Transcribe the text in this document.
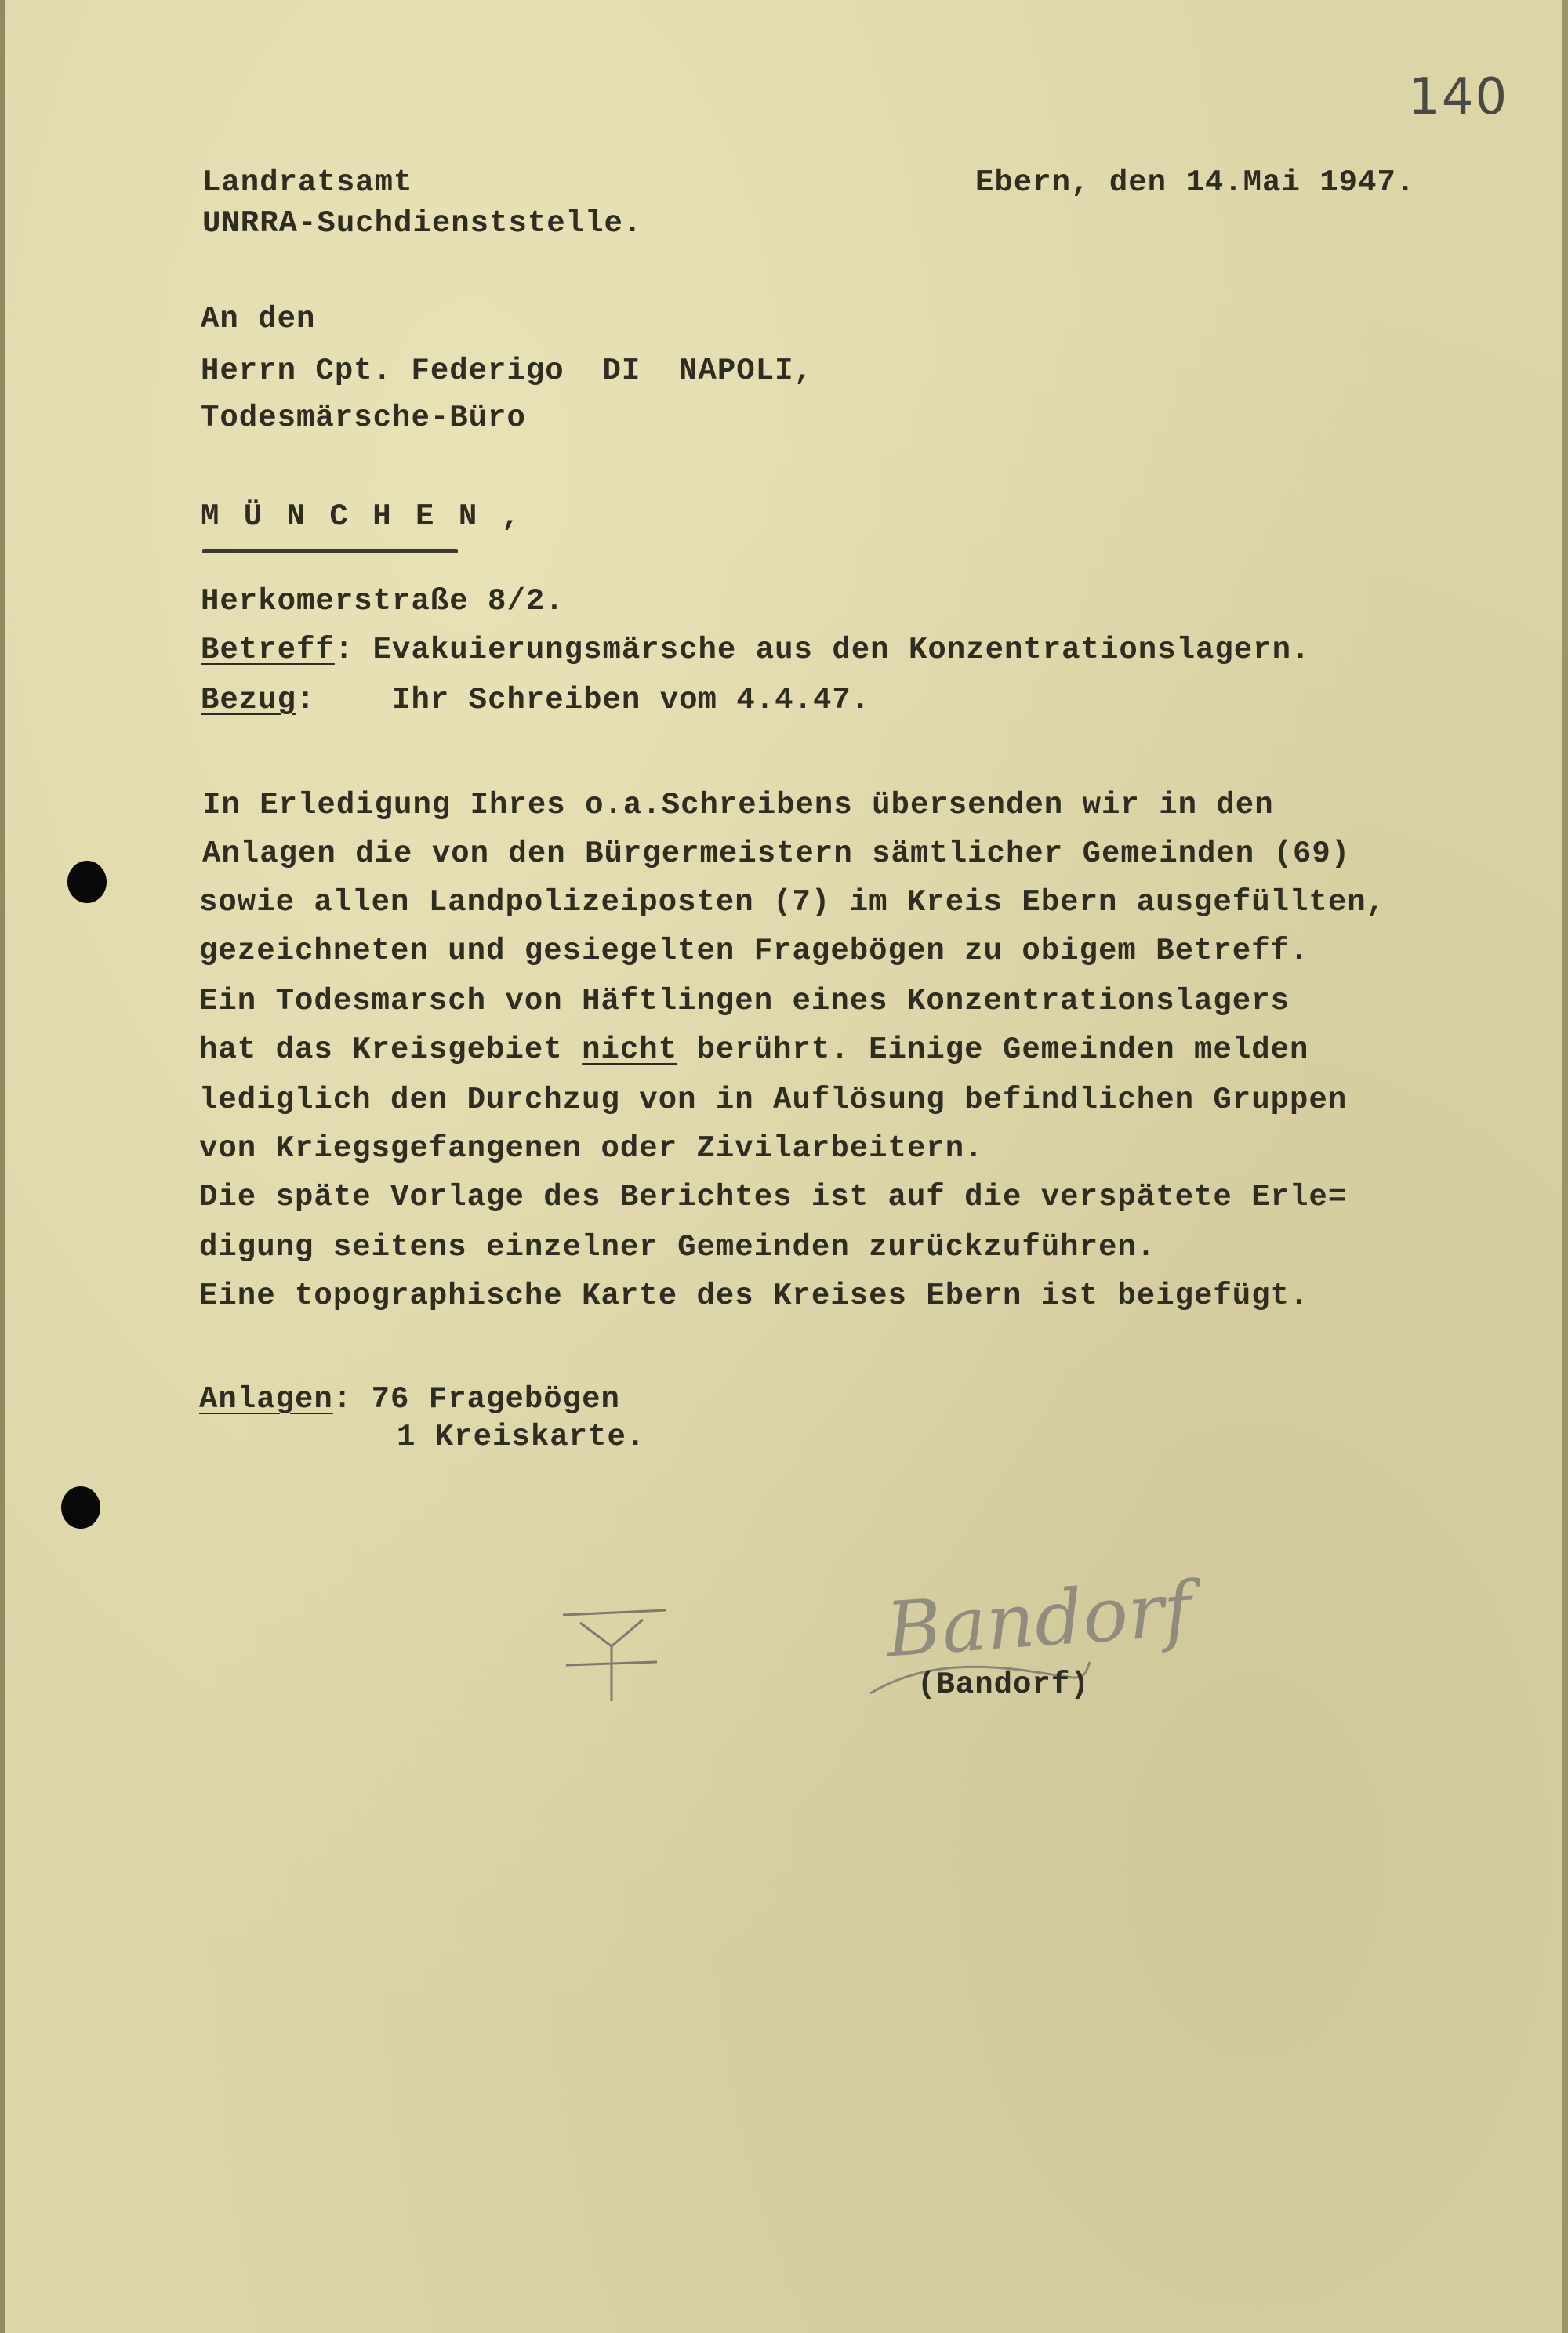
140
Landratsamt
UNRRA-Suchdienststelle.
Ebern, den 14.Mai 1947.
An den
Herrn Cpt. Federigo  DI  NAPOLI,
Todesmärsche-Büro
M Ü N C H E N ,
Herkomerstraße 8/2.
Betreff: Evakuierungsmärsche aus den Konzentrationslagern.
Bezug:    Ihr Schreiben vom 4.4.47.
In Erledigung Ihres o.a.Schreibens übersenden wir in den
Anlagen die von den Bürgermeistern sämtlicher Gemeinden (69)
sowie allen Landpolizeiposten (7) im Kreis Ebern ausgefüllten,
gezeichneten und gesiegelten Fragebögen zu obigem Betreff.
Ein Todesmarsch von Häftlingen eines Konzentrationslagers
hat das Kreisgebiet nicht berührt. Einige Gemeinden melden
lediglich den Durchzug von in Auflösung befindlichen Gruppen
von Kriegsgefangenen oder Zivilarbeitern.
Die späte Vorlage des Berichtes ist auf die verspätete Erle=
digung seitens einzelner Gemeinden zurückzuführen.
Eine topographische Karte des Kreises Ebern ist beigefügt.
Anlagen: 76 Fragebögen
1 Kreiskarte.
Bandorf
(Bandorf)
